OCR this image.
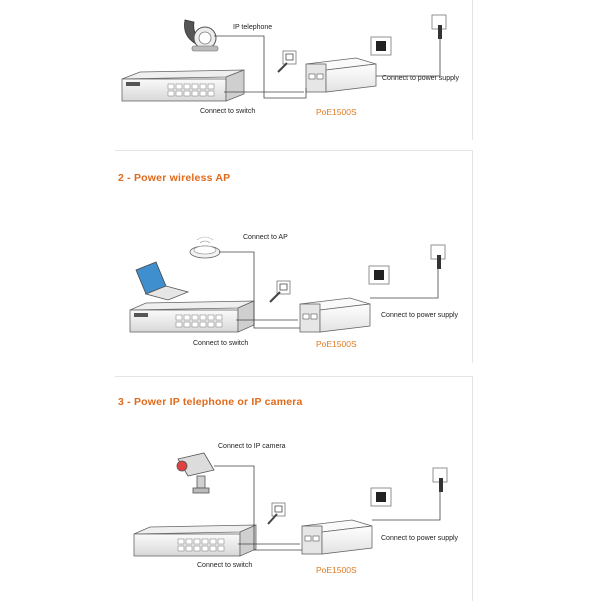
2 - Power wireless AP
3 - Power IP telephone or IP camera
IP telephone
Connect to switch
Connect to power supply
PoE1500S
Connect to AP
Connect to switch
Connect to power supply
PoE1500S
Connect to IP camera
Connect to switch
Connect to power supply
PoE1500S
